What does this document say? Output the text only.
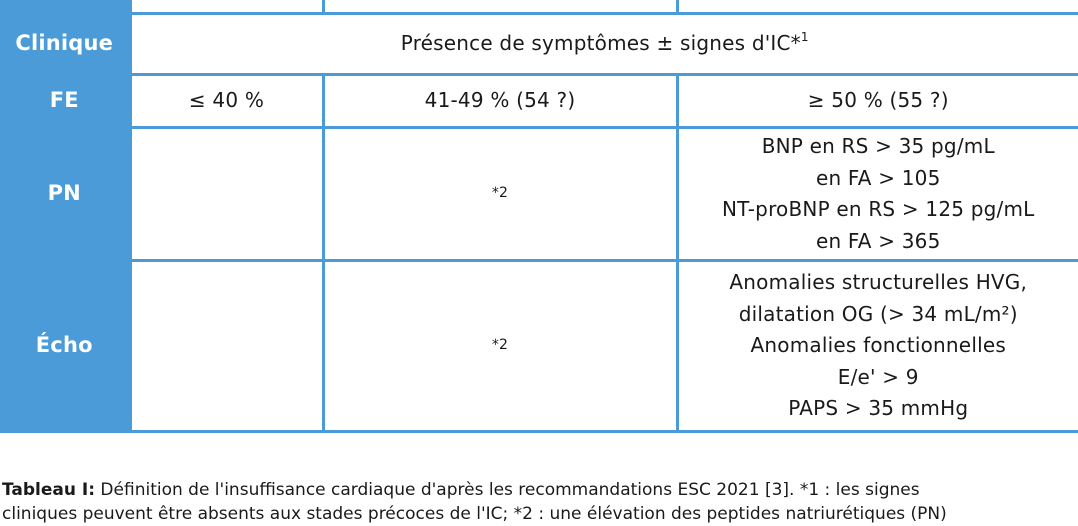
Clinique	Présence de symptômes ± signes d'IC*$^1$
FE	≤ 40 %	41-49 % (54 ?)	≥ 50 % (55 ?)
PN		*2	BNP en RS > 35 pg/mL
en FA > 105
NT-proBNP en RS > 125 pg/mL
en FA > 365

Écho		*2	Anomalies structurelles HVG,
dilatation OG (> 34 mL/m²)
Anomalies fonctionnelles
E/e' > 9
PAPS > 35 mmHg
Tableau I: Définition de l'insuffisance cardiaque d'après les recommandations ESC 2021 [3]. *1 : les signes
cliniques peuvent être absents aux stades précoces de l'IC; *2 : une élévation des peptides natriurétiques (PN)
